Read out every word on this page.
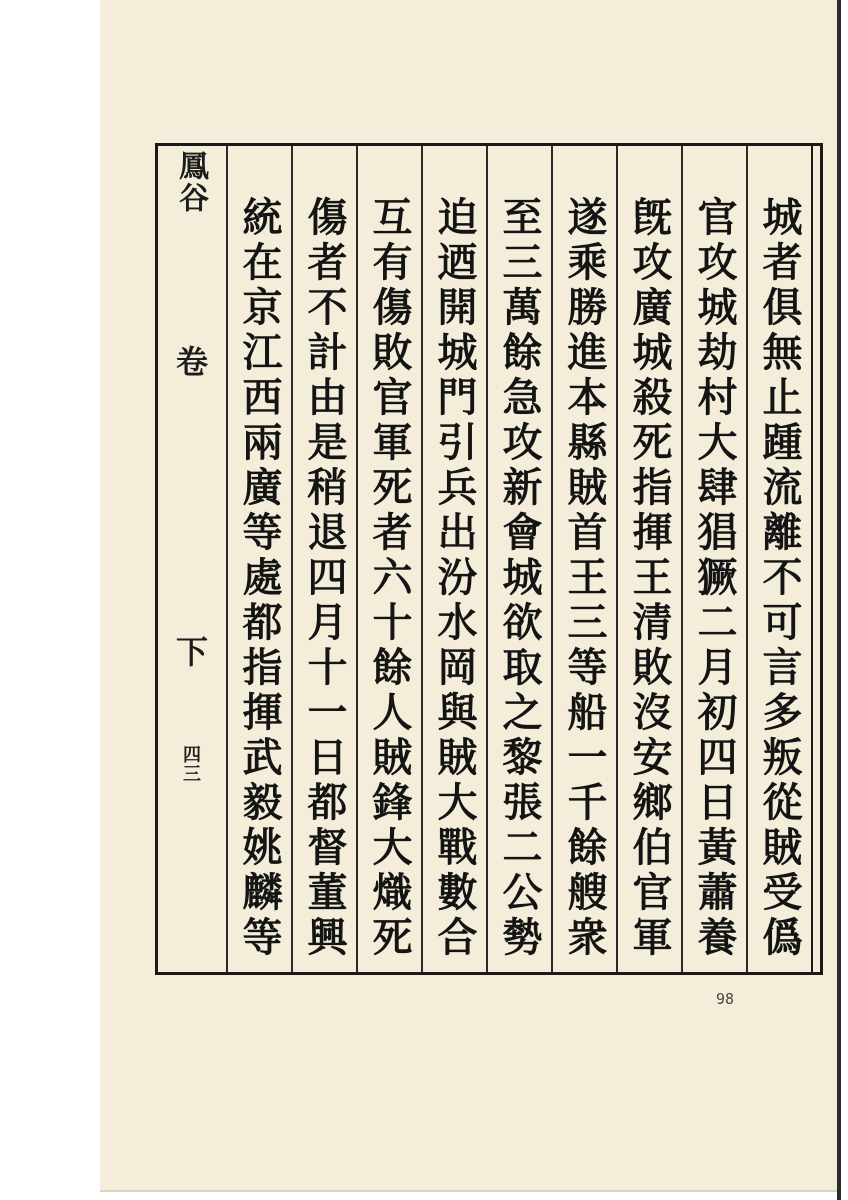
鳳谷
卷
下
四三	城者俱無止踵流離不可言多叛從賊受僞
官攻城劫村大肆猖獗二月初四日黃蕭養
旣攻廣城殺死指揮王清敗沒安鄉伯官軍
遂乘勝進本縣賊首王三等船一千餘艘衆
至三萬餘急攻新會城欲取之黎張二公勢
迫迺開城門引兵出汾水岡與賊大戰數合
互有傷敗官軍死者六十餘人賊鋒大熾死
傷者不計由是稍退四月十一日都督董興
統在京江西兩廣等處都指揮武毅姚麟等
98
